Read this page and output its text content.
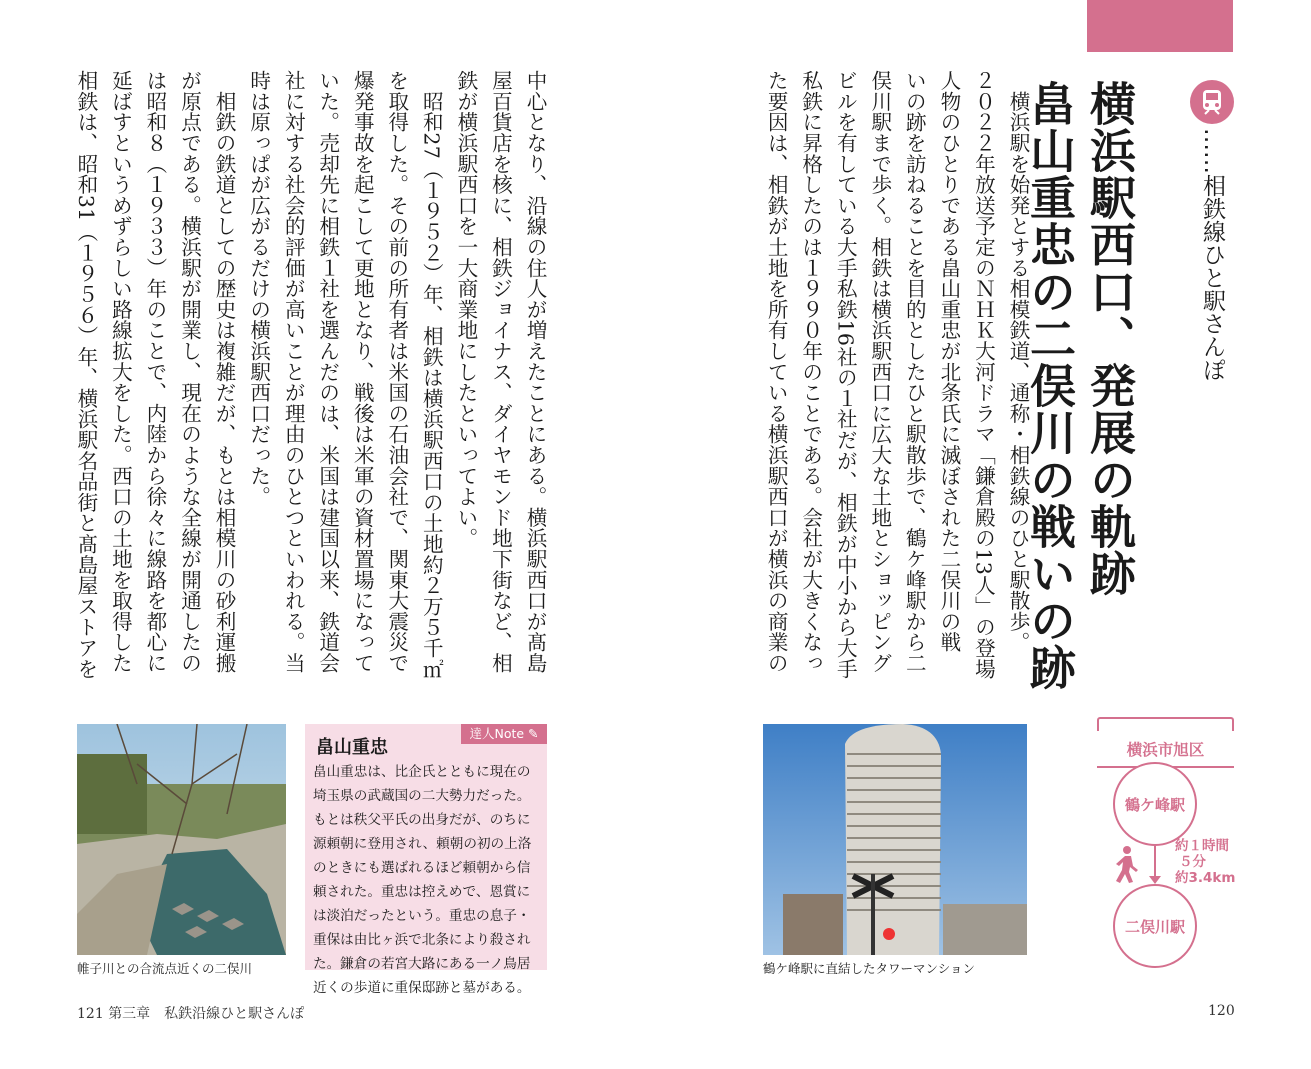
……相鉄線ひと駅さんぽ
横浜駅西口、発展の軌跡
畠山重忠の二俣川の戦いの跡
　横浜駅を始発とする相模鉄道、通称・相鉄線のひと駅散歩。
２０２２年放送予定のＮＨＫ大河ドラマ「鎌倉殿の13人」の登場
人物のひとりである畠山重忠が北条氏に滅ぼされた二俣川の戦
いの跡を訪ねることを目的としたひと駅散歩で、鶴ケ峰駅から二
俣川駅まで歩く。相鉄は横浜駅西口に広大な土地とショッピング
ビルを有している大手私鉄16社の１社だが、相鉄が中小から大手
私鉄に昇格したのは１９９０年のことである。会社が大きくなっ
た要因は、相鉄が土地を所有している横浜駅西口が横浜の商業の
中心となり、沿線の住人が増えたことにある。横浜駅西口が髙島
屋百貨店を核に、相鉄ジョイナス、ダイヤモンド地下街など、相
鉄が横浜駅西口を一大商業地にしたといってよい。
　昭和27（１９５２）年、相鉄は横浜駅西口の土地約２万５千㎡
を取得した。その前の所有者は米国の石油会社で、関東大震災で
爆発事故を起こして更地となり、戦後は米軍の資材置場になって
いた。売却先に相鉄１社を選んだのは、米国は建国以来、鉄道会
社に対する社会的評価が高いことが理由のひとつといわれる。当
時は原っぱが広がるだけの横浜駅西口だった。
　相鉄の鉄道としての歴史は複雑だが、もとは相模川の砂利運搬
が原点である。横浜駅が開業し、現在のような全線が開通したの
は昭和８（１９３３）年のことで、内陸から徐々に線路を都心に
延ばすというめずらしい路線拡大をした。西口の土地を取得した
相鉄は、昭和31（１９５６）年、横浜駅名品街と髙島屋ストアを
帷子川との合流点近くの二俣川
達人Note ✎
畠山重忠
畠山重忠は、比企氏とともに現在の
埼玉県の武蔵国の二大勢力だった。
もとは秩父平氏の出身だが、のちに
源頼朝に登用され、頼朝の初の上洛
のときにも選ばれるほど頼朝から信
頼された。重忠は控えめで、恩賞に
は淡泊だったという。重忠の息子・
重保は由比ヶ浜で北条により殺され
た。鎌倉の若宮大路にある一ノ鳥居
近くの歩道に重保邸跡と墓がある。
鶴ケ峰駅に直結したタワーマンション
横浜市旭区
鶴ケ峰駅
約１時間
５分
約3.4km
二俣川駅
121 第三章　私鉄沿線ひと駅さんぽ	120
